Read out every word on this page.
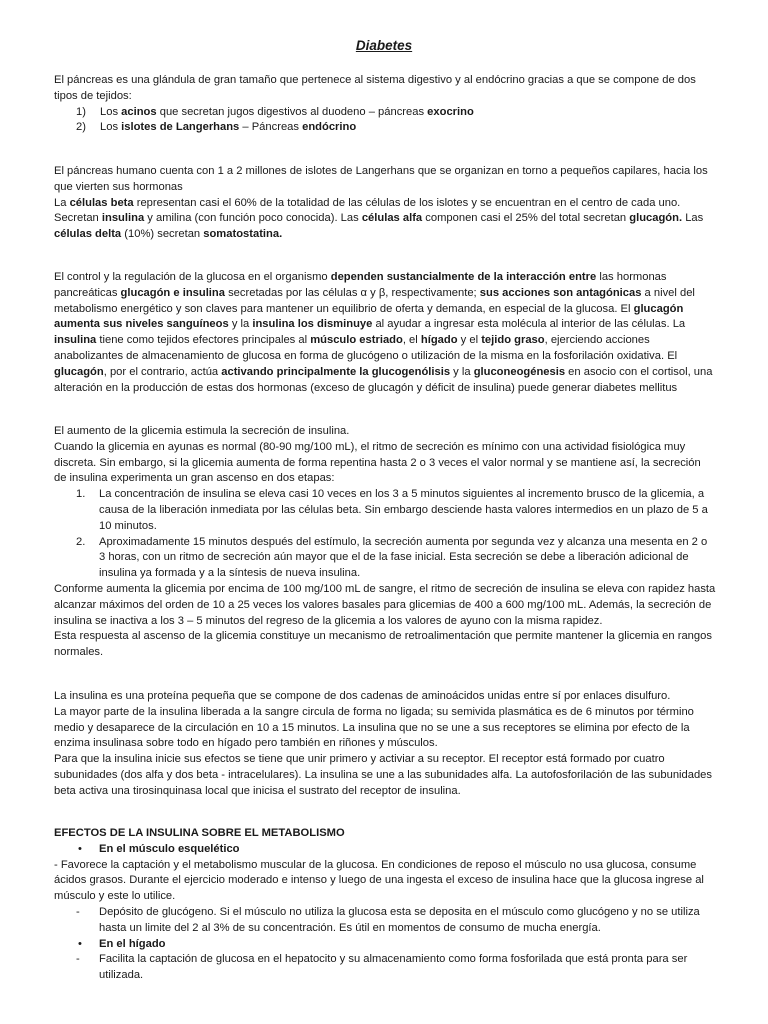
Diabetes

El páncreas es una glándula de gran tamaño que pertenece al sistema digestivo y al endócrino gracias a que se compone de dos tipos de tejidos:

1) Los acinos que secretan jugos digestivos al duodeno – páncreas exocrino
2) Los islotes de Langerhans – Páncreas endócrino

El páncreas humano cuenta con 1 a 2 millones de islotes de Langerhans que se organizan en torno a pequeños capilares, hacia los que vierten sus hormonas

La células beta representan casi el 60% de la totalidad de las células de los islotes y se encuentran en el centro de cada uno. Secretan insulina y amilina (con función poco conocida). Las células alfa componen casi el 25% del total secretan glucagón. Las células delta (10%) secretan somatostatina.

El control y la regulación de la glucosa en el organismo dependen sustancialmente de la interacción entre las hormonas pancreáticas glucagón e insulina secretadas por las células α y β, respectivamente; sus acciones son antagónicas a nivel del metabolismo energético y son claves para mantener un equilibrio de oferta y demanda, en especial de la glucosa. El glucagón aumenta sus niveles sanguíneos y la insulina los disminuye al ayudar a ingresar esta molécula al interior de las células. La insulina tiene como tejidos efectores principales al músculo estriado, el hígado y el tejido graso, ejerciendo acciones anabolizantes de almacenamiento de glucosa en forma de glucógeno o utilización de la misma en la fosforilación oxidativa. El glucagón, por el contrario, actúa activando principalmente la glucogenólisis y la gluconeogénesis en asocio con el cortisol, una alteración en la producción de estas dos hormonas (exceso de glucagón y déficit de insulina) puede generar diabetes mellitus

El aumento de la glicemia estimula la secreción de insulina.

Cuando la glicemia en ayunas es normal (80-90 mg/100 mL), el ritmo de secreción es mínimo con una actividad fisiológica muy discreta. Sin embargo, si la glicemia aumenta de forma repentina hasta 2 o 3 veces el valor normal y se mantiene así, la secreción de insulina experimenta un gran ascenso en dos etapas:

1. La concentración de insulina se eleva casi 10 veces en los 3 a 5 minutos siguientes al incremento brusco de la glicemia, a causa de la liberación inmediata por las células beta. Sin embargo desciende hasta valores intermedios en un plazo de 5 a 10 minutos.
2. Aproximadamente 15 minutos después del estímulo, la secreción aumenta por segunda vez y alcanza una mesenta en 2 o 3 horas, con un ritmo de secreción aún mayor que el de la fase inicial. Esta secreción se debe a liberación adicional de insulina ya formada y a la síntesis de nueva insulina.

Conforme aumenta la glicemia por encima de 100 mg/100 mL de sangre, el ritmo de secreción de insulina se eleva con rapidez hasta alcanzar máximos del orden de 10 a 25 veces los valores basales para glicemias de 400 a 600 mg/100 mL. Además, la secreción de insulina se inactiva a los 3 – 5 minutos del regreso de la glicemia a los valores de ayuno con la misma rapidez.

Esta respuesta al ascenso de la glicemia constituye un mecanismo de retroalimentación que permite mantener la glicemia en rangos normales.

La insulina es una proteína pequeña que se compone de dos cadenas de aminoácidos unidas entre sí por enlaces disulfuro.

La mayor parte de la insulina liberada a la sangre circula de forma no ligada; su semivida plasmática es de 6 minutos por término medio y desaparece de la circulación en 10 a 15 minutos. La insulina que no se une a sus receptores se elimina por efecto de la enzima insulinasa sobre todo en hígado pero también en riñones y músculos.

Para que la insulina inicie sus efectos se tiene que unir primero y activiar a su receptor. El receptor está formado por cuatro subunidades (dos alfa y dos beta - intracelulares). La insulina se une a las subunidades alfa. La autofosforilación de las subunidades beta activa una tirosinquinasa local que inicisa el sustrato del receptor de insulina.

EFECTOS DE LA INSULINA SOBRE EL METABOLISMO

• En el músculo esquelético

- Favorece la captación y el metabolismo muscular de la glucosa. En condiciones de reposo el músculo no usa glucosa, consume ácidos grasos. Durante el ejercicio moderado e intenso y luego de una ingesta el exceso de insulina hace que la glucosa ingrese al músculo y este lo utilice.

- Depósito de glucógeno. Si el músculo no utiliza la glucosa esta se deposita en el músculo como glucógeno y no se utiliza hasta un limite del 2 al 3% de su concentración. Es útil en momentos de consumo de mucha energía.
• En el hígado
- Facilita la captación de glucosa en el hepatocito y su almacenamiento como forma fosforilada que está pronta para ser utilizada.
